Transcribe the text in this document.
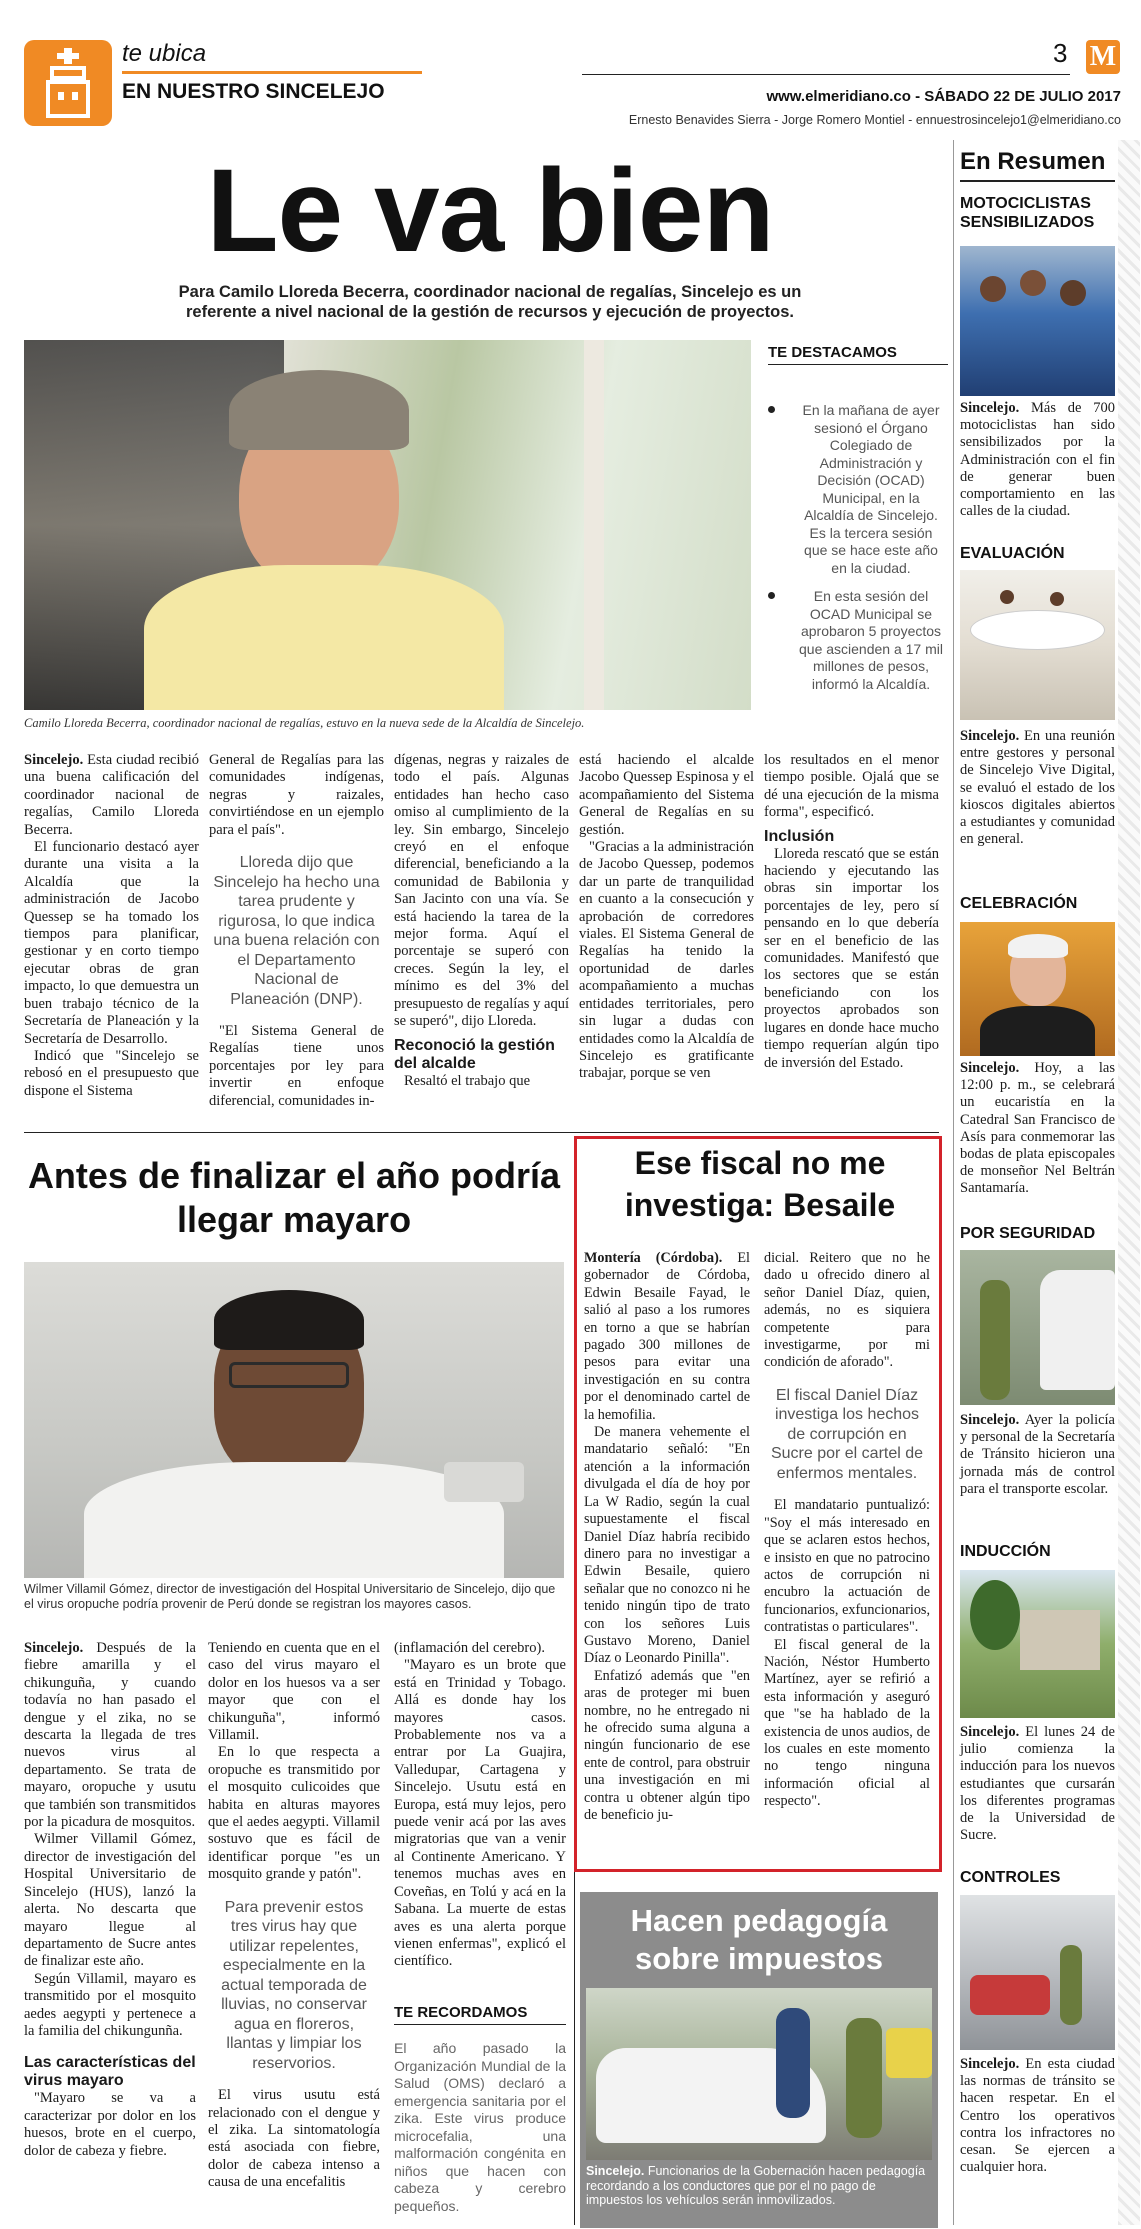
te ubica
EN NUESTRO SINCELEJO
3 M
www.elmeridiano.co - SÁBADO 22 DE JULIO 2017
Ernesto Benavides Sierra - Jorge Romero Montiel - ennuestrosincelejo1@elmeridiano.co
Le va bien
Para Camilo Lloreda Becerra, coordinador nacional de regalías, Sincelejo es un referente a nivel nacional de la gestión de recursos y ejecución de proyectos.
Camilo Lloreda Becerra, coordinador nacional de regalías, estuvo en la nueva sede de la Alcaldía de Sincelejo.
TE DESTACAMOS
En la mañana de ayer sesionó el Órgano Colegiado de Administración y Decisión (OCAD) Municipal, en la Alcaldía de Sincelejo. Es la tercera sesión que se hace este año en la ciudad.
En esta sesión del OCAD Municipal se aprobaron 5 proyectos que ascienden a 17 mil millones de pesos, informó la Alcaldía.

Sincelejo. Esta ciudad recibió una buena calificación del coordinador nacional de regalías, Camilo Lloreda Becerra.

El funcionario destacó ayer durante una visita a la Alcaldía que la administración de Jacobo Quessep se ha tomado los tiempos para planificar, gestionar y en corto tiempo ejecutar obras de gran impacto, lo que demuestra un buen trabajo técnico de la Secretaría de Planeación y la Secretaría de Desarrollo.

Indicó que "Sincelejo se rebosó en el presupuesto que dispone el Sistema

General de Regalías para las comunidades indígenas, negras y raizales, convirtiéndose en un ejemplo para el país".

Lloreda dijo que Sincelejo ha hecho una tarea prudente y rigurosa, lo que indica una buena relación con el Departamento Nacional de Planeación (DNP).

"El Sistema General de Regalías tiene unos porcentajes por ley para invertir en enfoque diferencial, comunidades in-

dígenas, negras y raizales de todo el país. Algunas entidades han hecho caso omiso al cumplimiento de la ley. Sin embargo, Sincelejo creyó en el enfoque diferencial, beneficiando a la comunidad de Babilonia y San Jacinto con una vía. Se está haciendo la tarea de la mejor forma. Aquí el porcentaje se superó con creces. Según la ley, el mínimo es del 3% del presupuesto de regalías y aquí se superó", dijo Lloreda.

Reconoció la gestión del alcalde

Resaltó el trabajo que

está haciendo el alcalde Jacobo Quessep Espinosa y el acompañamiento del Sistema General de Regalías en su gestión.

"Gracias a la administración de Jacobo Quessep, podemos dar un parte de tranquilidad en cuanto a la consecución y aprobación de corredores viales. El Sistema General de Regalías ha tenido la oportunidad de darles acompañamiento a muchas entidades territoriales, pero sin lugar a dudas con entidades como la Alcaldía de Sincelejo es gratificante trabajar, porque se ven

los resultados en el menor tiempo posible. Ojalá que se dé una ejecución de la misma forma", especificó.

Inclusión

Lloreda rescató que se están haciendo y ejecutando las obras sin importar los porcentajes de ley, pero sí pensando en lo que debería ser en el beneficio de las comunidades. Manifestó que los sectores que se están beneficiando con los proyectos aprobados son lugares en donde hace mucho tiempo requerían algún tipo de inversión del Estado.

Antes de finalizar el año podría llegar mayaro
Wilmer Villamil Gómez, director de investigación del Hospital Universitario de Sincelejo, dijo que el virus oropuche podría provenir de Perú donde se registran los mayores casos.

Sincelejo. Después de la fiebre amarilla y el chikunguña, y cuando todavía no han pasado el dengue y el zika, no se descarta la llegada de tres nuevos virus al departamento. Se trata de mayaro, oropuche y usutu que también son transmitidos por la picadura de mosquitos.

Wilmer Villamil Gómez, director de investigación del Hospital Universitario de Sincelejo (HUS), lanzó la alerta. No descarta que mayaro llegue al departamento de Sucre antes de finalizar este año.

Según Villamil, mayaro es transmitido por el mosquito aedes aegypti y pertenece a la familia del chikungunña.

Las características del virus mayaro

"Mayaro se va a caracterizar por dolor en los huesos, brote en el cuerpo, dolor de cabeza y fiebre.

Teniendo en cuenta que en el caso del virus mayaro el dolor en los huesos va a ser mayor que con el chikunguña", informó Villamil.

En lo que respecta a oropuche es transmitido por el mosquito culicoides que habita en alturas mayores que el aedes aegypti. Villamil sostuvo que es fácil de identificar porque "es un mosquito grande y patón".

Para prevenir estos tres virus hay que utilizar repelentes, especialmente en la actual temporada de lluvias, no conservar agua en floreros, llantas y limpiar los reservorios.

El virus usutu está relacionado con el dengue y el zika. La sintomatología está asociada con fiebre, dolor de cabeza intenso a causa de una encefalitis

(inflamación del cerebro).

"Mayaro es un brote que está en Trinidad y Tobago. Allá es donde hay los mayores casos. Probablemente nos va a entrar por La Guajira, Valledupar, Cartagena y Sincelejo. Usutu está en Europa, está muy lejos, pero puede venir acá por las aves migratorias que van a venir al Continente Americano. Y tenemos muchas aves en Coveñas, en Tolú y acá en la Sabana. La muerte de estas aves es una alerta porque vienen enfermas", explicó el científico.

TE RECORDAMOS
El año pasado la Organización Mundial de la Salud (OMS) declaró a emergencia sanitaria por el zika. Este virus produce microcefalia, una malformación congénita en niños que hacen con cabeza y cerebro pequeños.
Ese fiscal no me investiga: Besaile

Montería (Córdoba). El gobernador de Córdoba, Edwin Besaile Fayad, le salió al paso a los rumores en torno a que se habrían pagado 300 millones de pesos para evitar una investigación en su contra por el denominado cartel de la hemofilia.

De manera vehemente el mandatario señaló: "En atención a la información divulgada el día de hoy por La W Radio, según la cual supuestamente el fiscal Daniel Díaz habría recibido dinero para no investigar a Edwin Besaile, quiero señalar que no conozco ni he tenido ningún tipo de trato con los señores Luis Gustavo Moreno, Daniel Díaz o Leonardo Pinilla".

Enfatizó además que "en aras de proteger mi buen nombre, no he entregado ni he ofrecido suma alguna a ningún funcionario de ese ente de control, para obstruir una investigación en mi contra u obtener algún tipo de beneficio ju-

dicial. Reitero que no he dado u ofrecido dinero al señor Daniel Díaz, quien, además, no es siquiera competente para investigarme, por mi condición de aforado".

El fiscal Daniel Díaz investiga los hechos de corrupción en Sucre por el cartel de enfermos mentales.

El mandatario puntualizó: "Soy el más interesado en que se aclaren estos hechos, e insisto en que no patrocino actos de corrupción ni encubro la actuación de funcionarios, exfuncionarios, contratistas o particulares".

El fiscal general de la Nación, Néstor Humberto Martínez, ayer se refirió a esta información y aseguró que "se ha hablado de la existencia de unos audios, de los cuales en este momento no tengo ninguna información oficial al respecto".

Hacen pedagogía sobre impuestos
Sincelejo. Funcionarios de la Gobernación hacen pedagogía recordando a los conductores que por el no pago de impuestos los vehículos serán inmovilizados.
En Resumen
MOTOCICLISTAS SENSIBILIZADOS
Sincelejo. Más de 700 motociclistas han sido sensibilizados por la Administración con el fin de generar buen comportamiento en las calles de la ciudad.
EVALUACIÓN
Sincelejo. En una reunión entre gestores y personal de Sincelejo Vive Digital, se evaluó el estado de los kioscos digitales abiertos a estudiantes y comunidad en general.
CELEBRACIÓN
Sincelejo. Hoy, a las 12:00 p. m., se celebrará un eucaristía en la Catedral San Francisco de Asís para conmemorar las bodas de plata episcopales de monseñor Nel Beltrán Santamaría.
POR SEGURIDAD
Sincelejo. Ayer la policía y personal de la Secretaría de Tránsito hicieron una jornada más de control para el transporte escolar.
INDUCCIÓN
Sincelejo. El lunes 24 de julio comienza la inducción para los nuevos estudiantes que cursarán los diferentes programas de la Universidad de Sucre.
CONTROLES
Sincelejo. En esta ciudad las normas de tránsito se hacen respetar. En el Centro los operativos contra los infractores no cesan. Se ejercen a cualquier hora.
